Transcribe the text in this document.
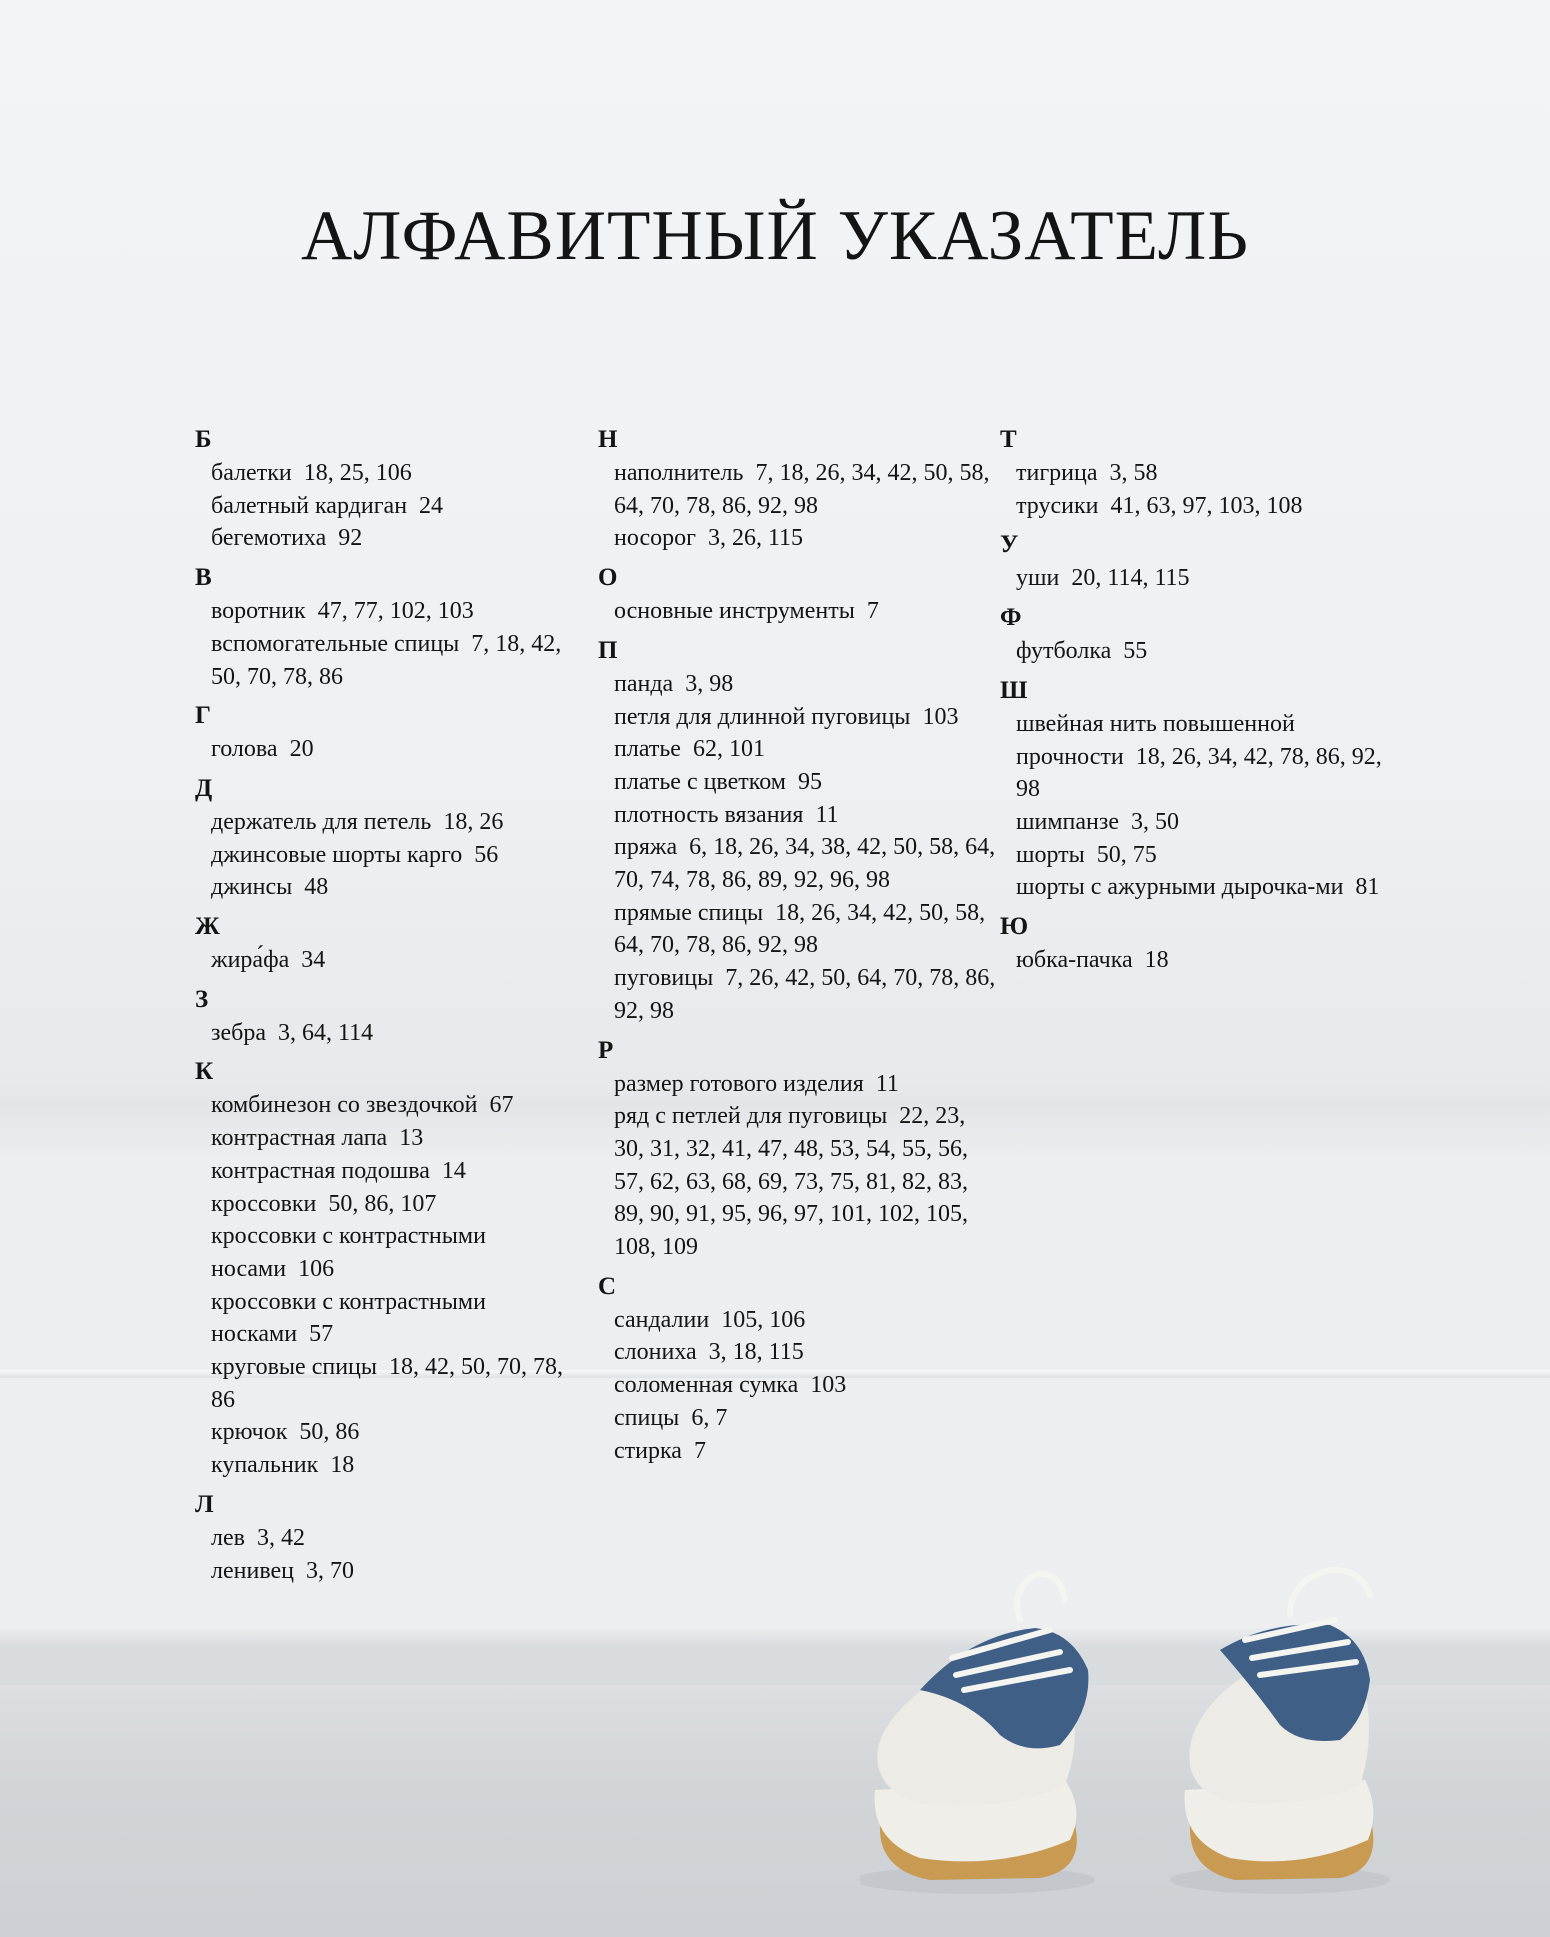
АЛФАВИТНЫЙ УКАЗАТЕЛЬ
Б
балетки 18, 25, 106
балетный кардиган 24
бегемотиха 92
В
воротник 47, 77, 102, 103
вспомогательные спицы 7, 18, 42, 50, 70, 78, 86
Г
голова 20
Д
держатель для петель 18, 26
джинсовые шорты карго 56
джинсы 48
Ж
жира́фа 34
З
зебра 3, 64, 114
К
комбинезон со звездочкой 67
контрастная лапа 13
контрастная подошва 14
кроссовки 50, 86, 107
кроссовки с контрастными носами 106
кроссовки с контрастными носками 57
круговые спицы 18, 42, 50, 70, 78, 86
крючок 50, 86
купальник 18
Л
лев 3, 42
ленивец 3, 70
Н
наполнитель 7, 18, 26, 34, 42, 50, 58, 64, 70, 78, 86, 92, 98
носорог 3, 26, 115
О
основные инструменты 7
П
панда 3, 98
петля для длинной пуговицы 103
платье 62, 101
платье с цветком 95
плотность вязания 11
пряжа 6, 18, 26, 34, 38, 42, 50, 58, 64, 70, 74, 78, 86, 89, 92, 96, 98
прямые спицы 18, 26, 34, 42, 50, 58, 64, 70, 78, 86, 92, 98
пуговицы 7, 26, 42, 50, 64, 70, 78, 86, 92, 98
Р
размер готового изделия 11
ряд с петлей для пуговицы 22, 23, 30, 31, 32, 41, 47, 48, 53, 54, 55, 56, 57, 62, 63, 68, 69, 73, 75, 81, 82, 83, 89, 90, 91, 95, 96, 97, 101, 102, 105, 108, 109
С
сандалии 105, 106
слониха 3, 18, 115
соломенная сумка 103
спицы 6, 7
стирка 7
Т
тигрица 3, 58
трусики 41, 63, 97, 103, 108
У
уши 20, 114, 115
Ф
футболка 55
Ш
швейная нить повышенной прочности 18, 26, 34, 42, 78, 86, 92, 98
шимпанзе 3, 50
шорты 50, 75
шорты с ажурными дырочка-ми 81
Ю
юбка-пачка 18
